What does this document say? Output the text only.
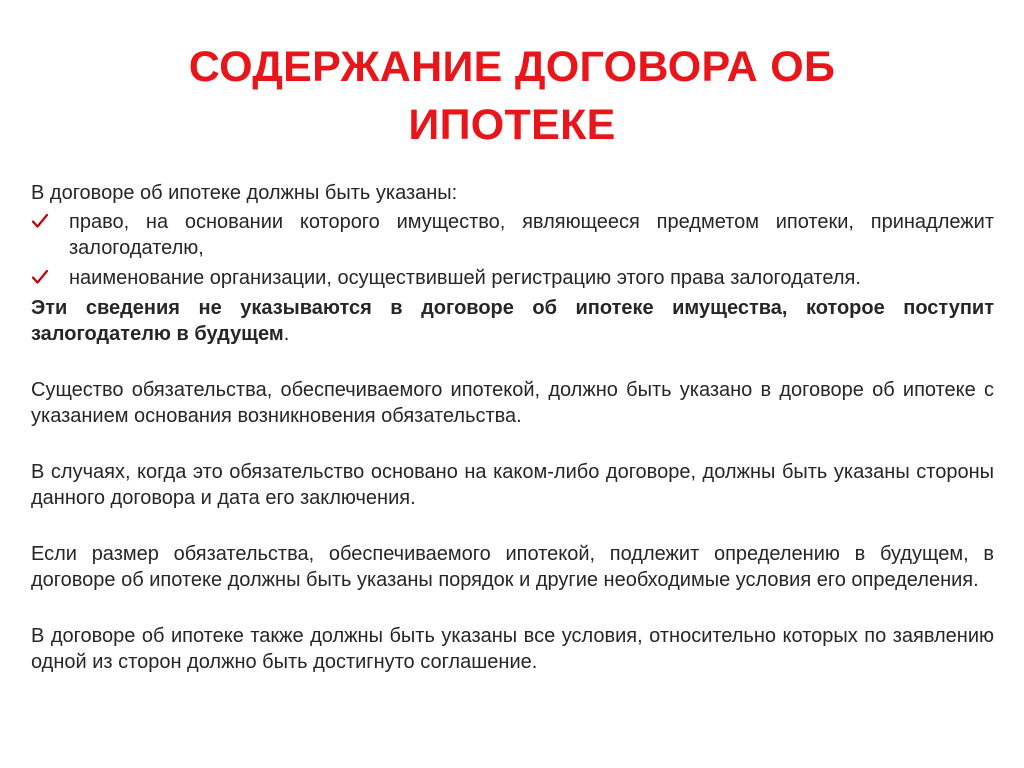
СОДЕРЖАНИЕ ДОГОВОРА ОБ
ИПОТЕКЕ

В договоре об ипотеке должны быть указаны:

право, на основании которого имущество, являющееся предметом ипотеки, принадлежит залогодателю,
наименование организации, осуществившей регистрацию этого права залогодателя.

Эти сведения не указываются в договоре об ипотеке имущества, которое поступит залогодателю в будущем.

Существо обязательства, обеспечиваемого ипотекой, должно быть указано в договоре об ипотеке с указанием основания возникновения обязательства.

В случаях, когда это обязательство основано на каком-либо договоре, должны быть указаны стороны данного договора и дата его заключения.

Если размер обязательства, обеспечиваемого ипотекой, подлежит определению в будущем, в договоре об ипотеке должны быть указаны порядок и другие необходимые условия его определения.

В договоре об ипотеке также должны быть указаны все условия, относительно которых по заявлению одной из сторон должно быть достигнуто соглашение.
